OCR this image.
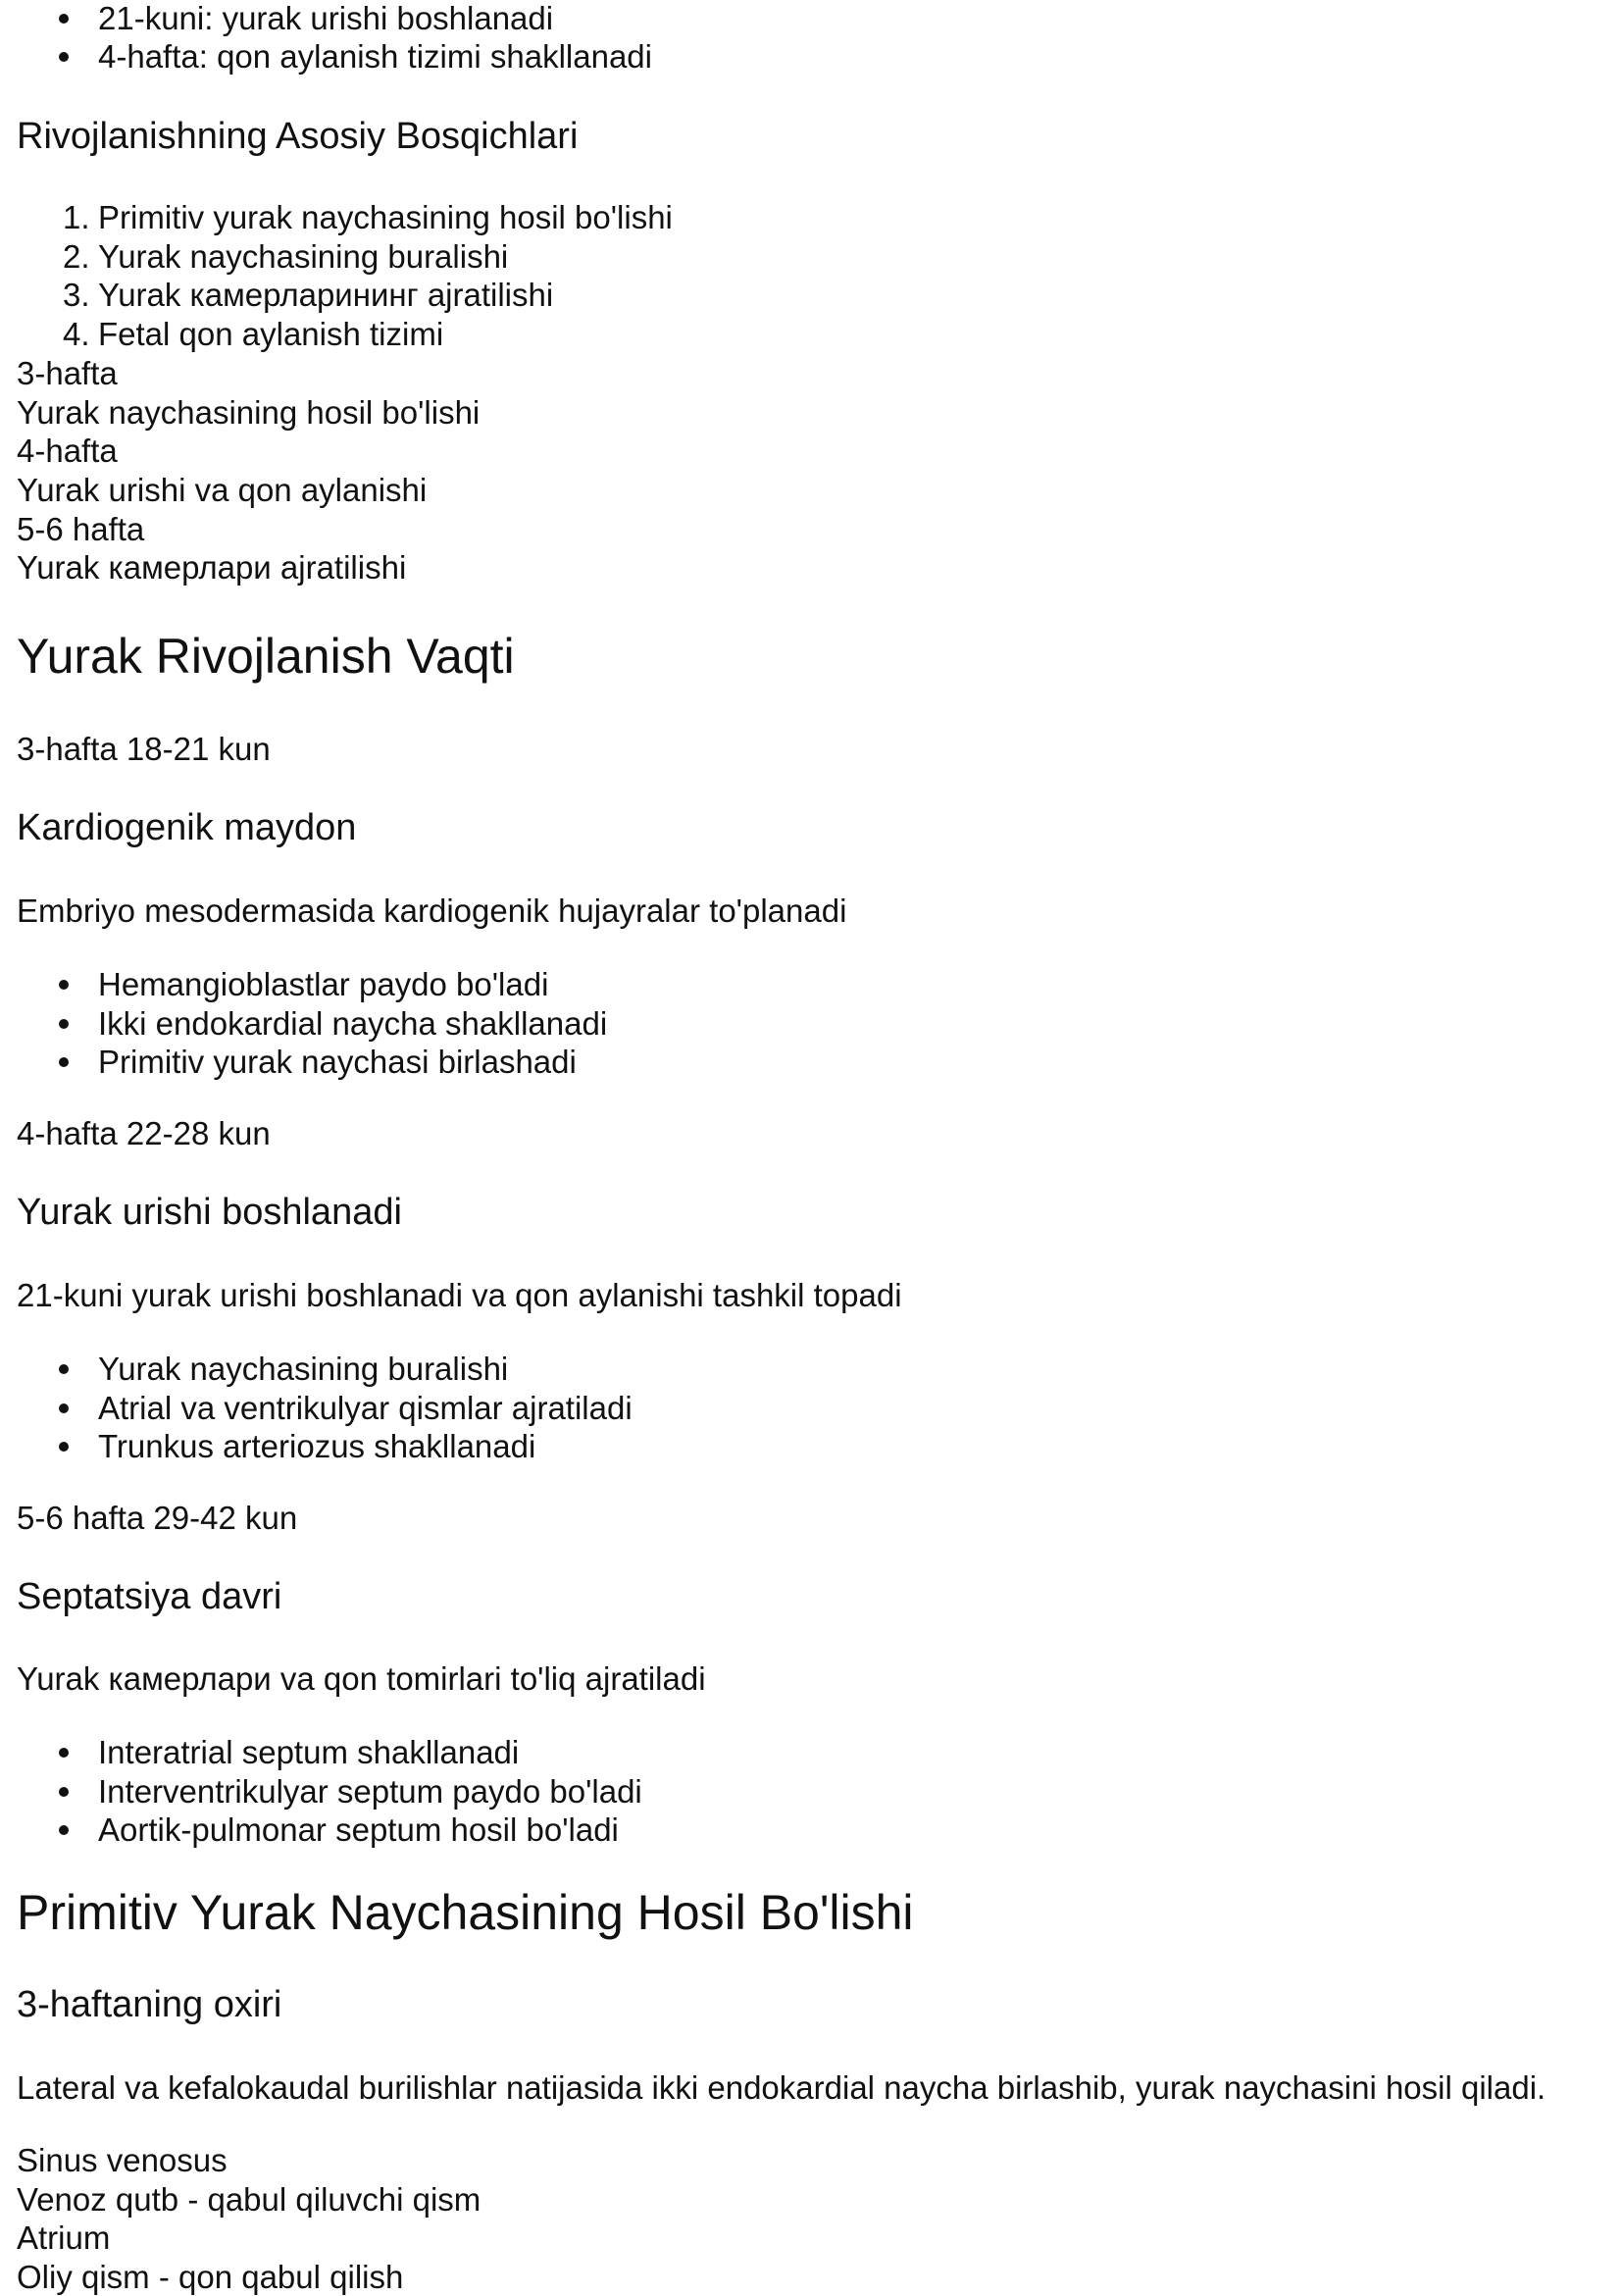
21-kuni: yurak urishi boshlanadi
4-hafta: qon aylanish tizimi shakllanadi
Rivojlanishning Asosiy Bosqichlari
1. Primitiv yurak naychasining hosil bo'lishi
2. Yurak naychasining buralishi
3. Yurak камерларининг ajratilishi
4. Fetal qon aylanish tizimi
3-hafta
Yurak naychasining hosil bo'lishi
4-hafta
Yurak urishi va qon aylanishi
5-6 hafta
Yurak камерлари ajratilishi
Yurak Rivojlanish Vaqti
3-hafta 18-21 kun
Kardiogenik maydon
Embriyo mesodermasida kardiogenik hujayralar to'planadi
Hemangioblastlar paydo bo'ladi
Ikki endokardial naycha shakllanadi
Primitiv yurak naychasi birlashadi
4-hafta 22-28 kun
Yurak urishi boshlanadi
21-kuni yurak urishi boshlanadi va qon aylanishi tashkil topadi
Yurak naychasining buralishi
Atrial va ventrikulyar qismlar ajratiladi
Trunkus arteriozus shakllanadi
5-6 hafta 29-42 kun
Septatsiya davri
Yurak камерлари va qon tomirlari to'liq ajratiladi
Interatrial septum shakllanadi
Interventrikulyar septum paydo bo'ladi
Aortik-pulmonar septum hosil bo'ladi
Primitiv Yurak Naychasining Hosil Bo'lishi
3-haftaning oxiri
Lateral va kefalokaudal burilishlar natijasida ikki endokardial naycha birlashib, yurak naychasini hosil qiladi.
Sinus venosus
Venoz qutb - qabul qiluvchi qism
Atrium
Oliy qism - qon qabul qilish
